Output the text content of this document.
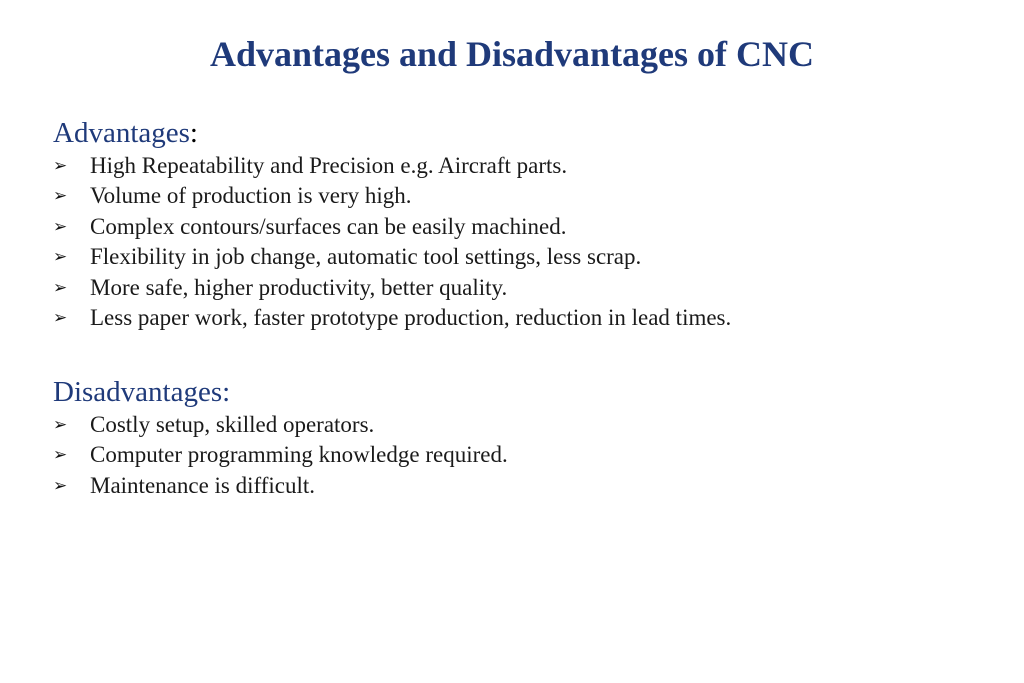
Advantages and Disadvantages of CNC
Advantages:
➢ High Repeatability and Precision e.g. Aircraft parts.
➢ Volume of production is very high.
➢ Complex contours/surfaces can be easily machined.
➢ Flexibility in job change, automatic tool settings, less scrap.
➢ More safe, higher productivity, better quality.
➢ Less paper work, faster prototype production, reduction in lead times.
Disadvantages:
➢ Costly setup, skilled operators.
➢ Computer programming knowledge required.
➢ Maintenance is difficult.
